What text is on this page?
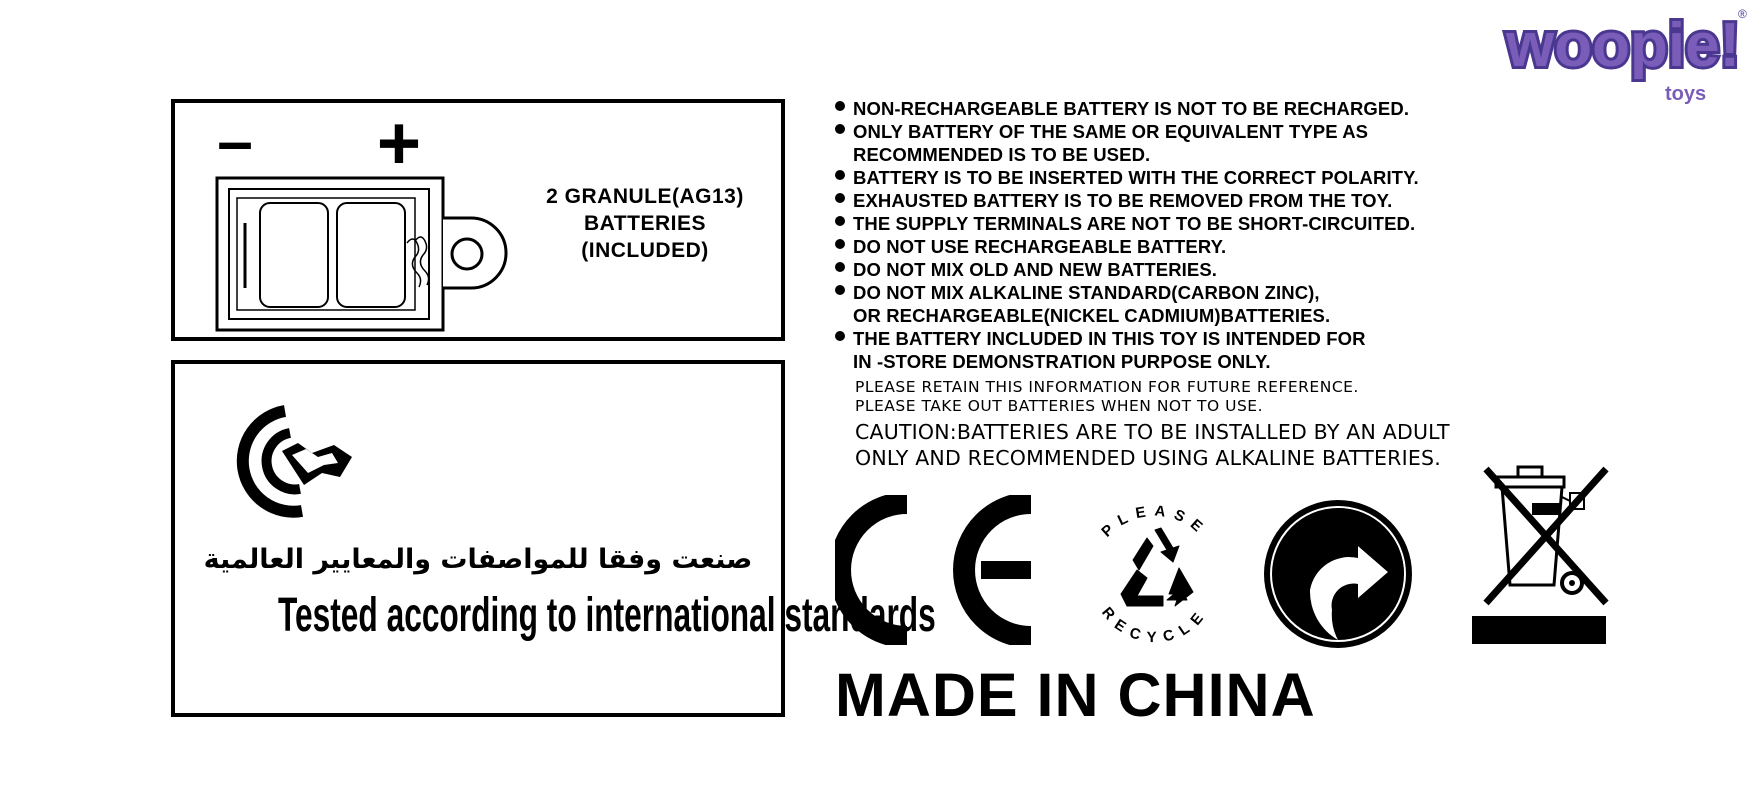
woopie!
toys
®
– +
2 GRANULE(AG13)
BATTERIES
(INCLUDED)
صنعت وفقا للمواصفات والمعايير العالمية
Tested according to international standards
NON-RECHARGEABLE BATTERY IS NOT TO BE RECHARGED.
ONLY BATTERY OF THE SAME OR EQUIVALENT TYPE AS
RECOMMENDED IS TO BE USED.
BATTERY IS TO BE INSERTED WITH THE CORRECT POLARITY.
EXHAUSTED BATTERY IS TO BE REMOVED FROM THE TOY.
THE SUPPLY TERMINALS ARE NOT TO BE SHORT-CIRCUITED.
DO NOT USE RECHARGEABLE BATTERY.
DO NOT MIX OLD AND NEW BATTERIES.
DO NOT MIX ALKALINE STANDARD(CARBON ZINC),
OR RECHARGEABLE(NICKEL CADMIUM)BATTERIES.
THE BATTERY INCLUDED IN THIS TOY IS INTENDED FOR
IN -STORE DEMONSTRATION PURPOSE ONLY.
PLEASE RETAIN THIS INFORMATION FOR FUTURE REFERENCE.
PLEASE TAKE OUT BATTERIES WHEN NOT TO USE.
CAUTION:BATTERIES ARE TO BE INSTALLED BY AN ADULT
ONLY AND RECOMMENDED USING ALKALINE BATTERIES.
PLEASE
RECYCLE
MADE IN CHINA
